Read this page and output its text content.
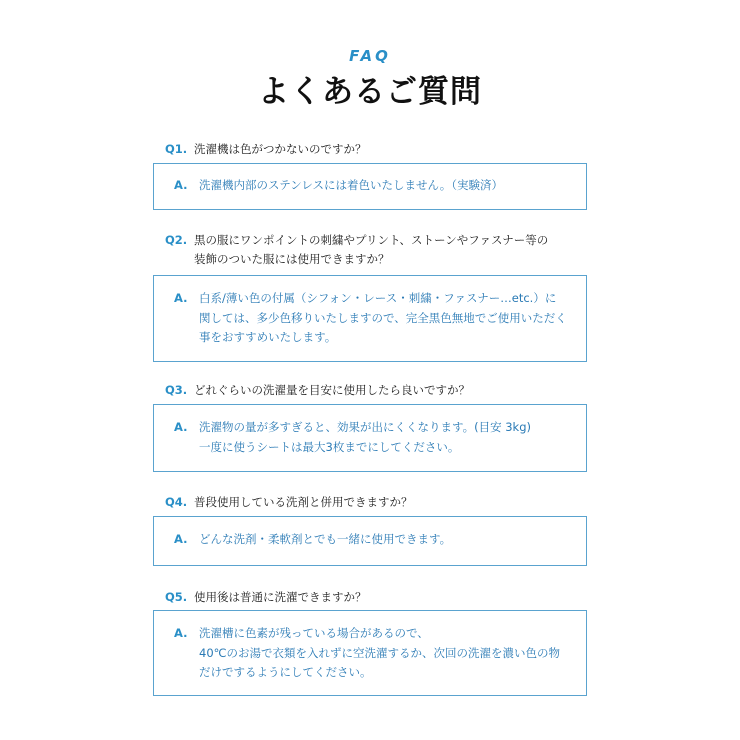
FAQ
よくあるご質問
Q1. 洗濯機は色がつかないのですか？
A.	洗濯機内部のステンレスには着色いたしません。（実験済）
Q2. 黒の服にワンポイントの刺繍やプリント、ストーンやファスナー等の
装飾のついた服には使用できますか？
A.	白系/薄い色の付属（シフォン・レース・刺繍・ファスナー…etc.）に
関しては、多少色移りいたしますので、完全黒色無地でご使用いただく
事をおすすめいたします。
Q3. どれぐらいの洗濯量を目安に使用したら良いですか？
A.	洗濯物の量が多すぎると、効果が出にくくなります。(目安 3kg)
一度に使うシートは最大3枚までにしてください。
Q4. 普段使用している洗剤と併用できますか？
A.	どんな洗剤・柔軟剤とでも一緒に使用できます。
Q5. 使用後は普通に洗濯できますか？
A.	洗濯槽に色素が残っている場合があるので、
40℃のお湯で衣類を入れずに空洗濯するか、次回の洗濯を濃い色の物
だけでするようにしてください。
